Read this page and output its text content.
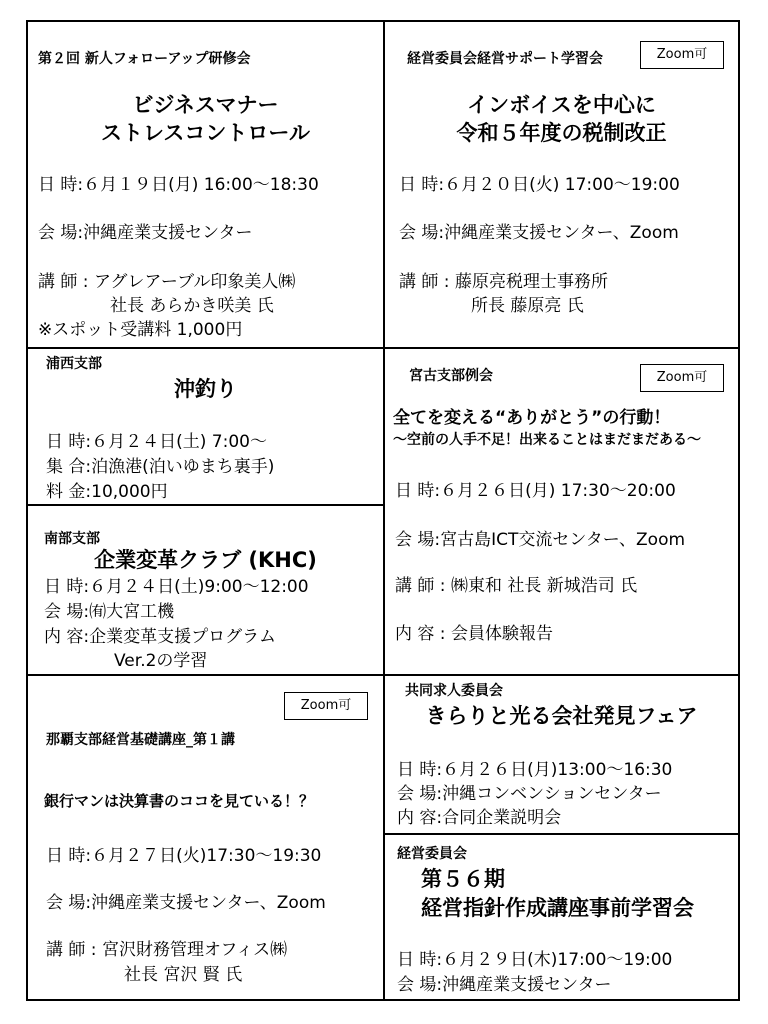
第２回 新人フォローアップ研修会
ビジネスマナー
ストレスコントロール
日 時:６月１９日(月) 16:00～18:30
会 場:沖縄産業支援センター
講 師 : アグレアーブル印象美人㈱
社長 あらかき咲美 氏
※スポット受講料 1,000円
経営委員会経営サポート学習会	Zoom可
インボイスを中心に
令和５年度の税制改正
日 時:６月２０日(火) 17:00～19:00
会 場:沖縄産業支援センター、Zoom
講 師 : 藤原亮税理士事務所
所長 藤原亮 氏
浦西支部
沖釣り
日 時:６月２４日(土) 7:00～
集 合:泊漁港(泊いゆまち裏手)
料 金:10,000円
南部支部
企業変革クラブ (KHC)
日 時:６月２４日(土)9:00～12:00
会 場:㈲大宮工機
内 容:企業変革支援プログラム
Ver.2の学習
宮古支部例会	Zoom可
全てを変える“ありがとう”の行動！
～空前の人手不足！出来ることはまだまだある～
日 時:６月２６日(月) 17:30～20:00
会 場:宮古島ICT交流センター、Zoom
講 師 : ㈱東和 社長 新城浩司 氏
内 容 : 会員体験報告
Zoom可
那覇支部経営基礎講座_第１講
銀行マンは決算書のココを見ている！？
日 時:６月２７日(火)17:30～19:30
会 場:沖縄産業支援センター、Zoom
講 師 : 宮沢財務管理オフィス㈱
社長 宮沢 賢 氏
共同求人委員会
きらりと光る会社発見フェア
日 時:６月２６日(月)13:00～16:30
会 場:沖縄コンベンションセンター
内 容:合同企業説明会
経営委員会
第５６期
経営指針作成講座事前学習会
日 時:６月２９日(木)17:00～19:00
会 場:沖縄産業支援センター
